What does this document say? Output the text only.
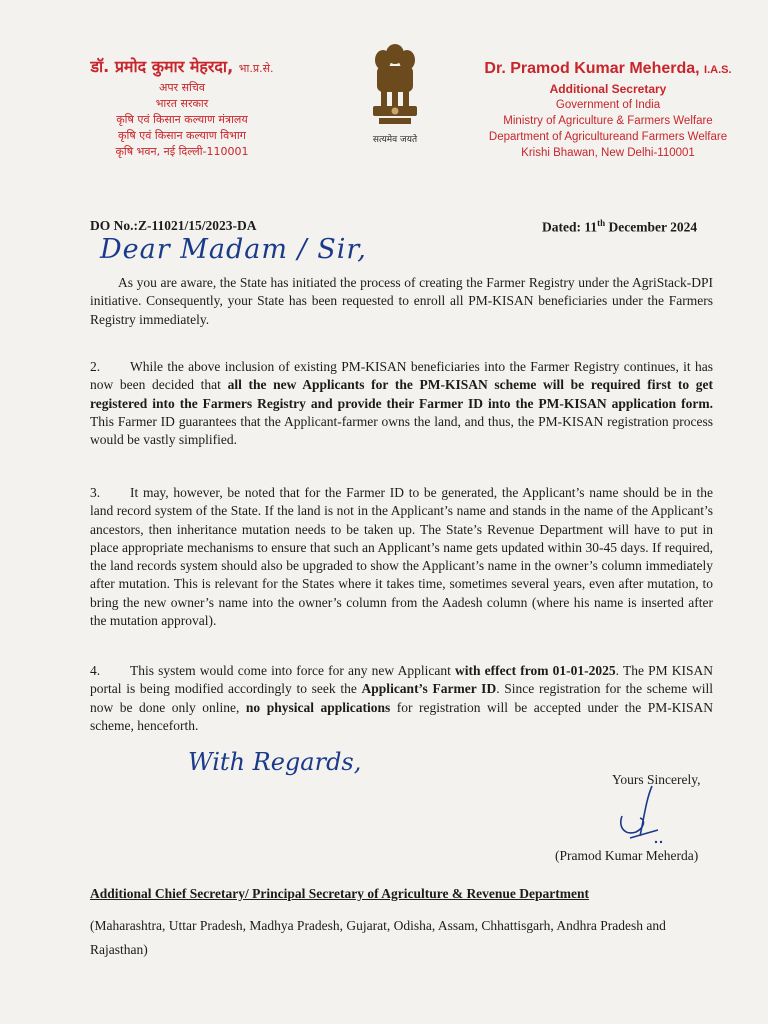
डॉ. प्रमोद कुमार मेहरदा, भा.प्र.से.
अपर सचिव
भारत सरकार
कृषि एवं किसान कल्याण मंत्रालय
कृषि एवं किसान कल्याण विभाग
कृषि भवन, नई दिल्ली-110001
सत्यमेव जयते
Dr. Pramod Kumar Meherda, I.A.S.
Additional Secretary
Government of India
Ministry of Agriculture & Farmers Welfare
Department of Agricultureand Farmers Welfare
Krishi Bhawan, New Delhi-110001
DO No.:Z-11021/15/2023-DA	Dated: 11th December 2024
Dear Madam / Sir,
As you are aware, the State has initiated the process of creating the Farmer Registry under the AgriStack-DPI initiative. Consequently, your State has been requested to enroll all PM-KISAN beneficiaries under the Farmers Registry immediately.
2. While the above inclusion of existing PM-KISAN beneficiaries into the Farmer Registry continues, it has now been decided that all the new Applicants for the PM-KISAN scheme will be required first to get registered into the Farmers Registry and provide their Farmer ID into the PM-KISAN application form. This Farmer ID guarantees that the Applicant-farmer owns the land, and thus, the PM-KISAN registration process would be vastly simplified.
3. It may, however, be noted that for the Farmer ID to be generated, the Applicant’s name should be in the land record system of the State. If the land is not in the Applicant’s name and stands in the name of the Applicant’s ancestors, then inheritance mutation needs to be taken up. The State’s Revenue Department will have to put in place appropriate mechanisms to ensure that such an Applicant’s name gets updated within 30-45 days. If required, the land records system should also be upgraded to show the Applicant’s name in the owner’s column immediately after mutation. This is relevant for the States where it takes time, sometimes several years, even after mutation, to bring the new owner’s name into the owner’s column from the Aadesh column (where his name is inserted after the mutation approval).
4. This system would come into force for any new Applicant with effect from 01-01-2025. The PM KISAN portal is being modified accordingly to seek the Applicant’s Farmer ID. Since registration for the scheme will now be done only online, no physical applications for registration will be accepted under the PM-KISAN scheme, henceforth.
With Regards,
Yours Sincerely,
(Pramod Kumar Meherda)
Additional Chief Secretary/ Principal Secretary of Agriculture & Revenue Department
(Maharashtra, Uttar Pradesh, Madhya Pradesh, Gujarat, Odisha, Assam, Chhattisgarh, Andhra Pradesh and Rajasthan)
